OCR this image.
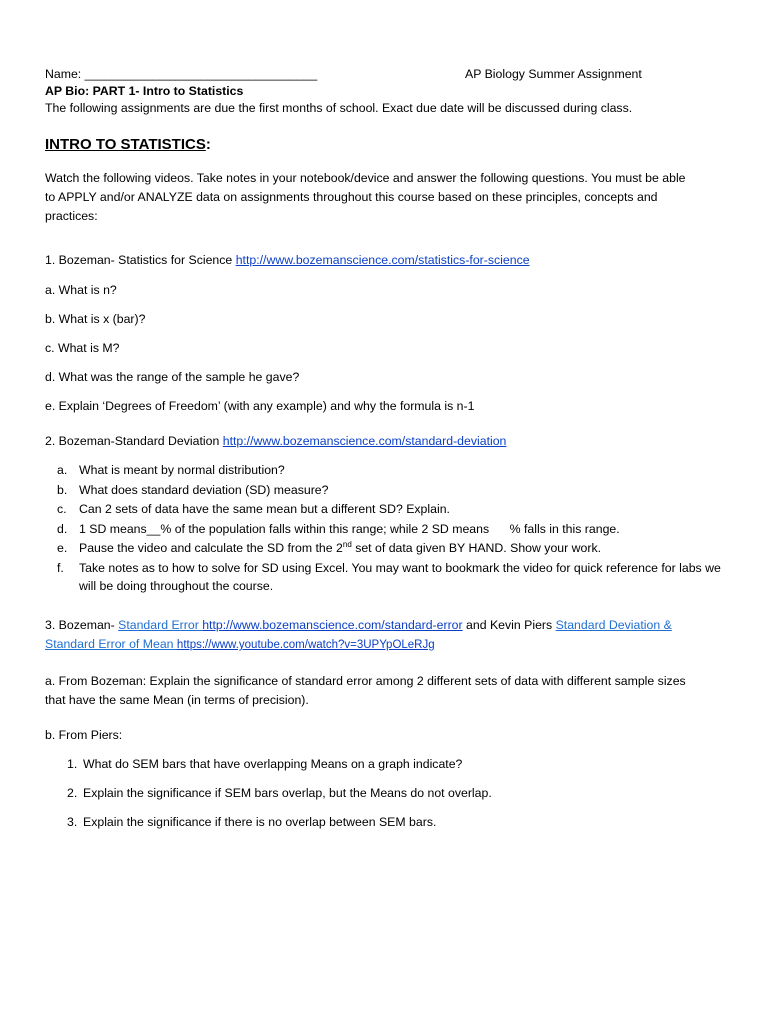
Name: __________________________________	AP Biology Summer Assignment
AP Bio: PART 1- Intro to Statistics
The following assignments are due the first months of school. Exact due date will be discussed during class.
INTRO TO STATISTICS:
Watch the following videos. Take notes in your notebook/device and answer the following questions. You must be able to APPLY and/or ANALYZE data on assignments throughout this course based on these principles, concepts and practices:
1. Bozeman- Statistics for Science http://www.bozemanscience.com/statistics-for-science
a. What is n?
b. What is x (bar)?
c. What is M?
d. What was the range of the sample he gave?
e. Explain ‘Degrees of Freedom’ (with any example) and why the formula is n-1
2. Bozeman-Standard Deviation http://www.bozemanscience.com/standard-deviation
a. What is meant by normal distribution?
b. What does standard deviation (SD) measure?
c. Can 2 sets of data have the same mean but a different SD? Explain.
d. 1 SD means__% of the population falls within this range; while 2 SD means      % falls in this range.
e. Pause the video and calculate the SD from the 2nd set of data given BY HAND. Show your work.
f. Take notes as to how to solve for SD using Excel. You may want to bookmark the video for quick reference for labs we will be doing throughout the course.
3. Bozeman- Standard Error http://www.bozemanscience.com/standard-error and Kevin Piers Standard Deviation & Standard Error of Mean https://www.youtube.com/watch?v=3UPYpOLeRJg
a. From Bozeman: Explain the significance of standard error among 2 different sets of data with different sample sizes that have the same Mean (in terms of precision).
b. From Piers:
1. What do SEM bars that have overlapping Means on a graph indicate?
2. Explain the significance if SEM bars overlap, but the Means do not overlap.
3. Explain the significance if there is no overlap between SEM bars.
